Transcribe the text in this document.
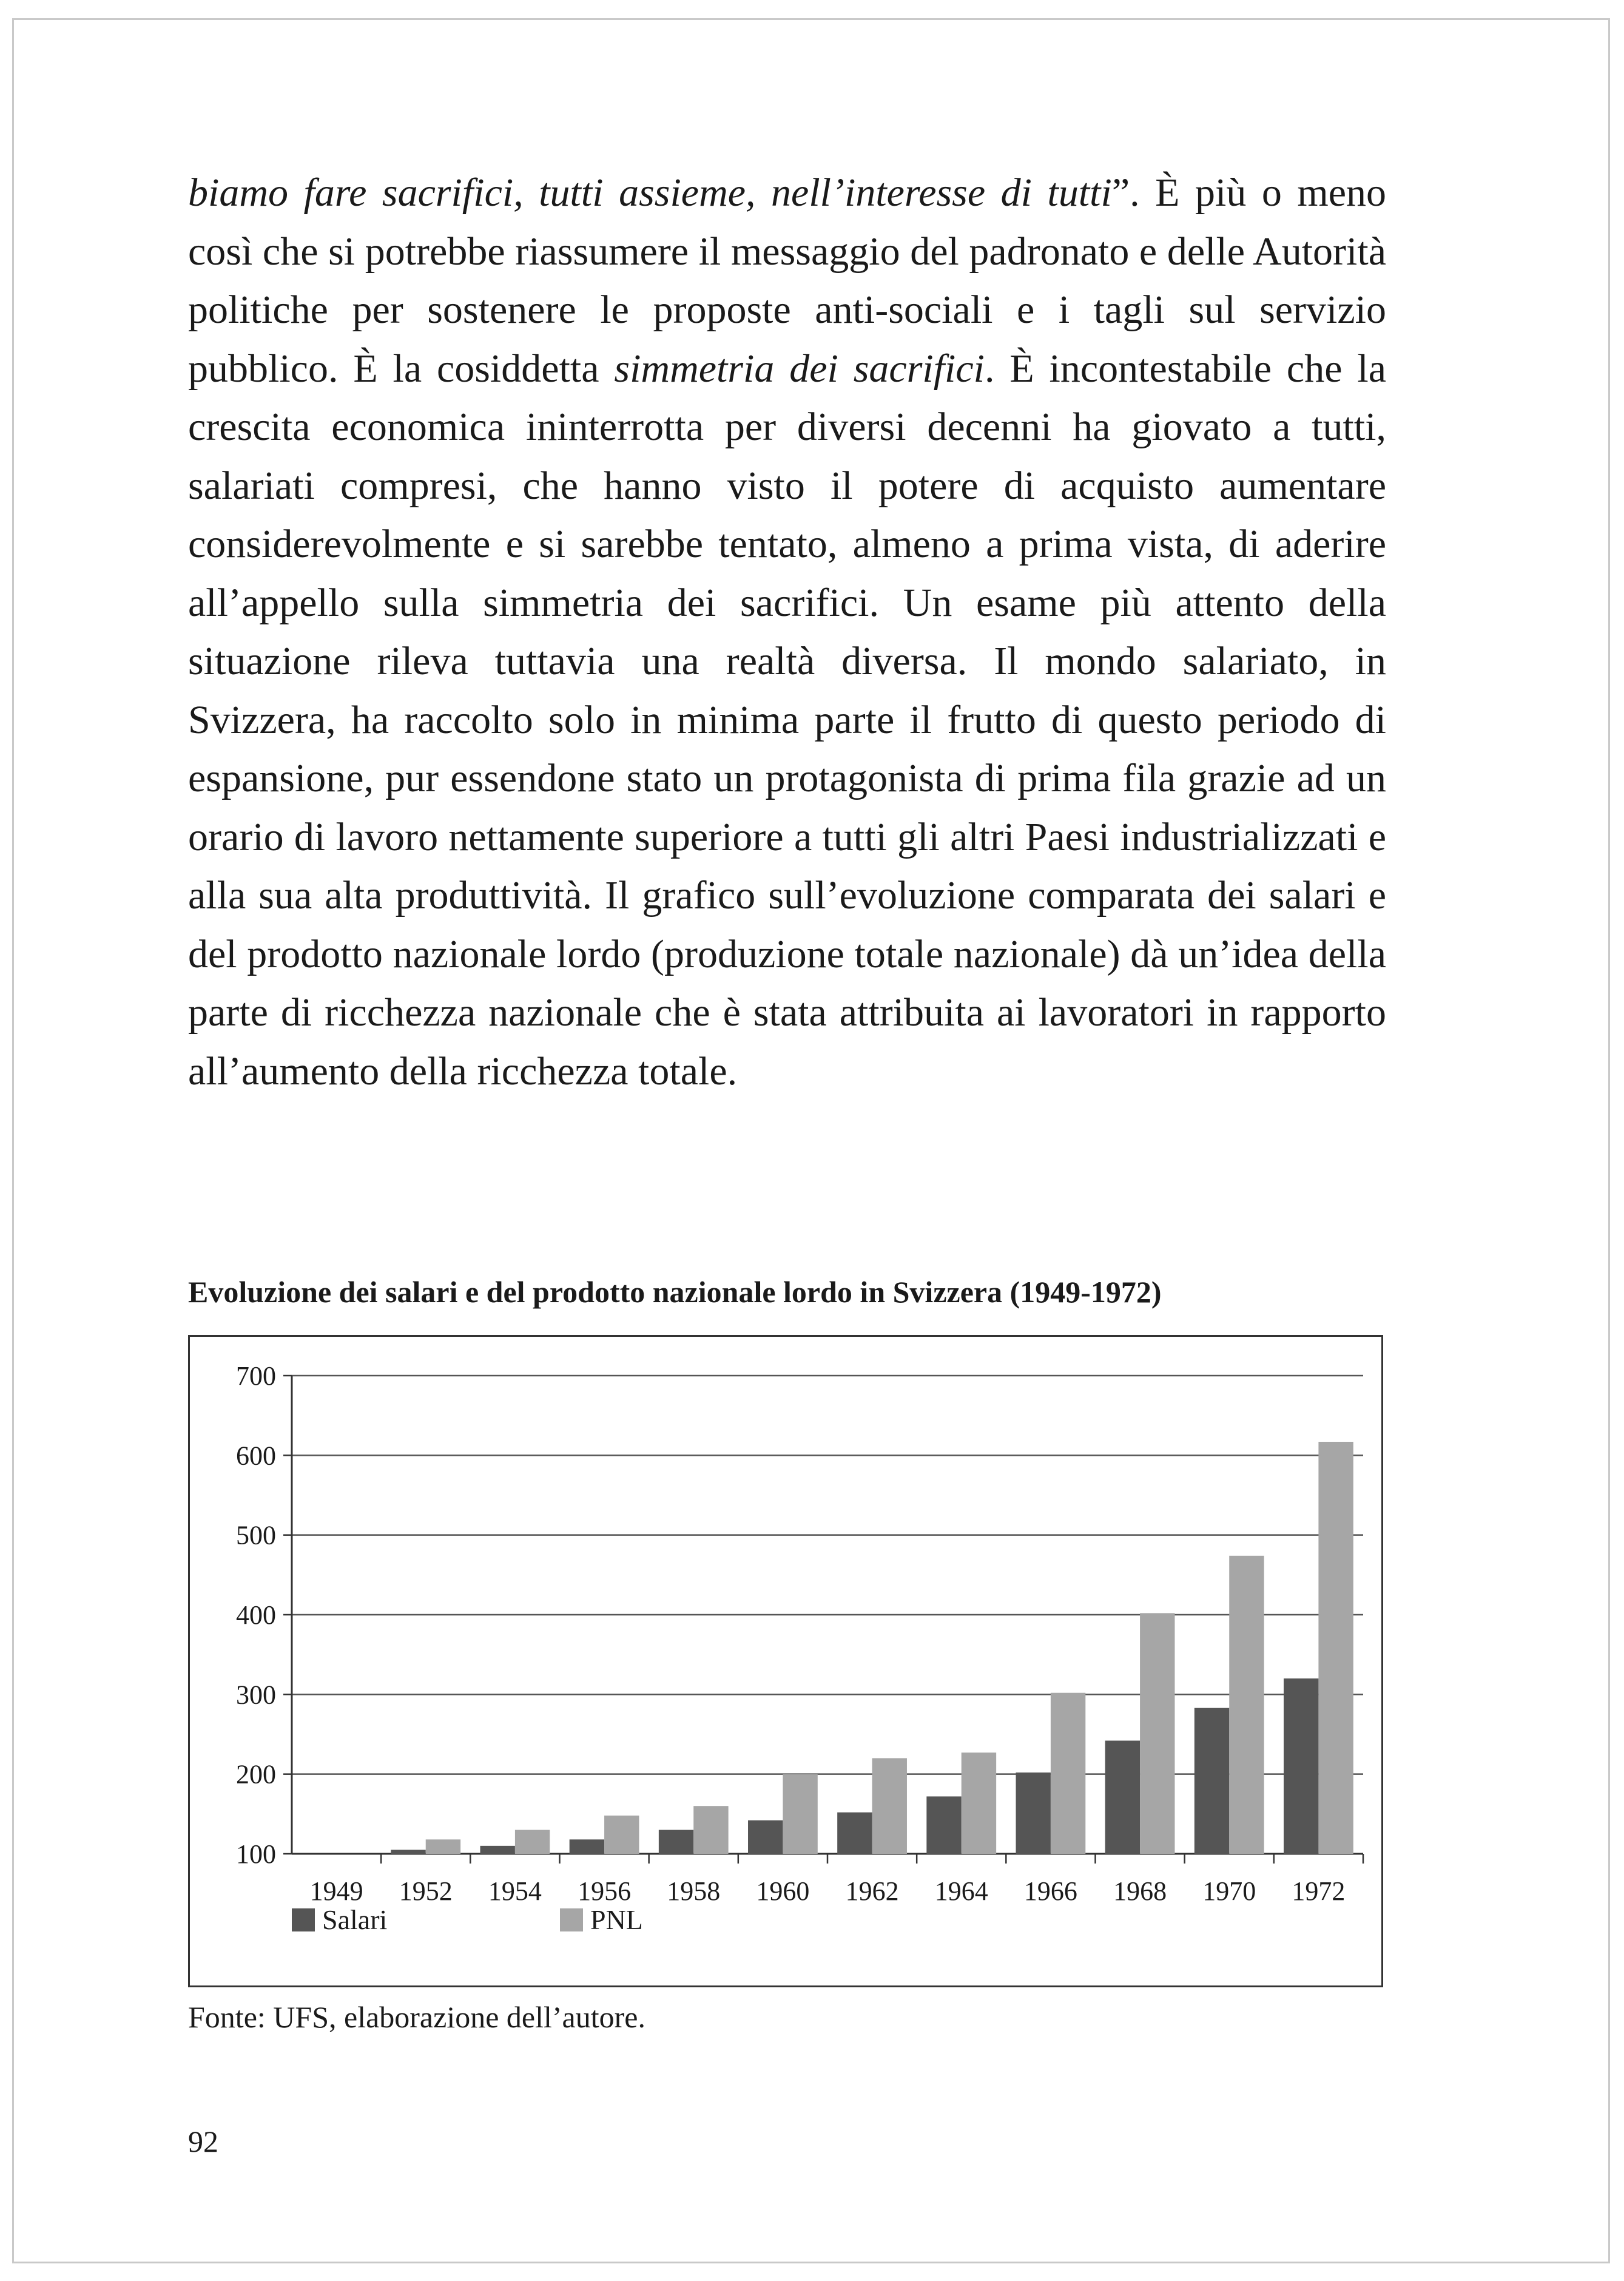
biamo fare sacrifici, tutti assieme, nell’interesse di tutti”. È più o meno così che si potrebbe riassumere il messaggio del padronato e delle Autorità politiche per sostenere le proposte anti-sociali e i tagli sul servizio pubblico. È la cosiddetta simmetria dei sacrifici. È incontestabile che la crescita economica ininterrotta per diversi decenni ha giovato a tutti, salariati compresi, che hanno visto il potere di acquisto aumentare considerevolmente e si sarebbe tentato, almeno a prima vista, di aderire all’appello sulla simmetria dei sacrifici. Un esame più attento della situazione rileva tuttavia una realtà diversa. Il mondo salariato, in Svizzera, ha raccolto solo in minima parte il frutto di questo periodo di espansione, pur essendone stato un protagonista di prima fila grazie ad un orario di lavoro nettamente superiore a tutti gli altri Paesi industrializzati e alla sua alta produttività. Il grafico sull’evoluzione comparata dei salari e del prodotto nazionale lordo (produzione totale nazionale) dà un’idea della parte di ricchezza nazionale che è stata attribuita ai lavoratori in rapporto all’aumento della ricchezza totale.

Evoluzione dei salari e del prodotto nazionale lordo in Svizzera (1949-1972)
100
200
300
400
500
600
700
1949 1952 1954 1956 1958 1960 1962 1964 1966 1968 1970 1972
Salari	PNL

Fonte: UFS, elaborazione dell’autore.

92
